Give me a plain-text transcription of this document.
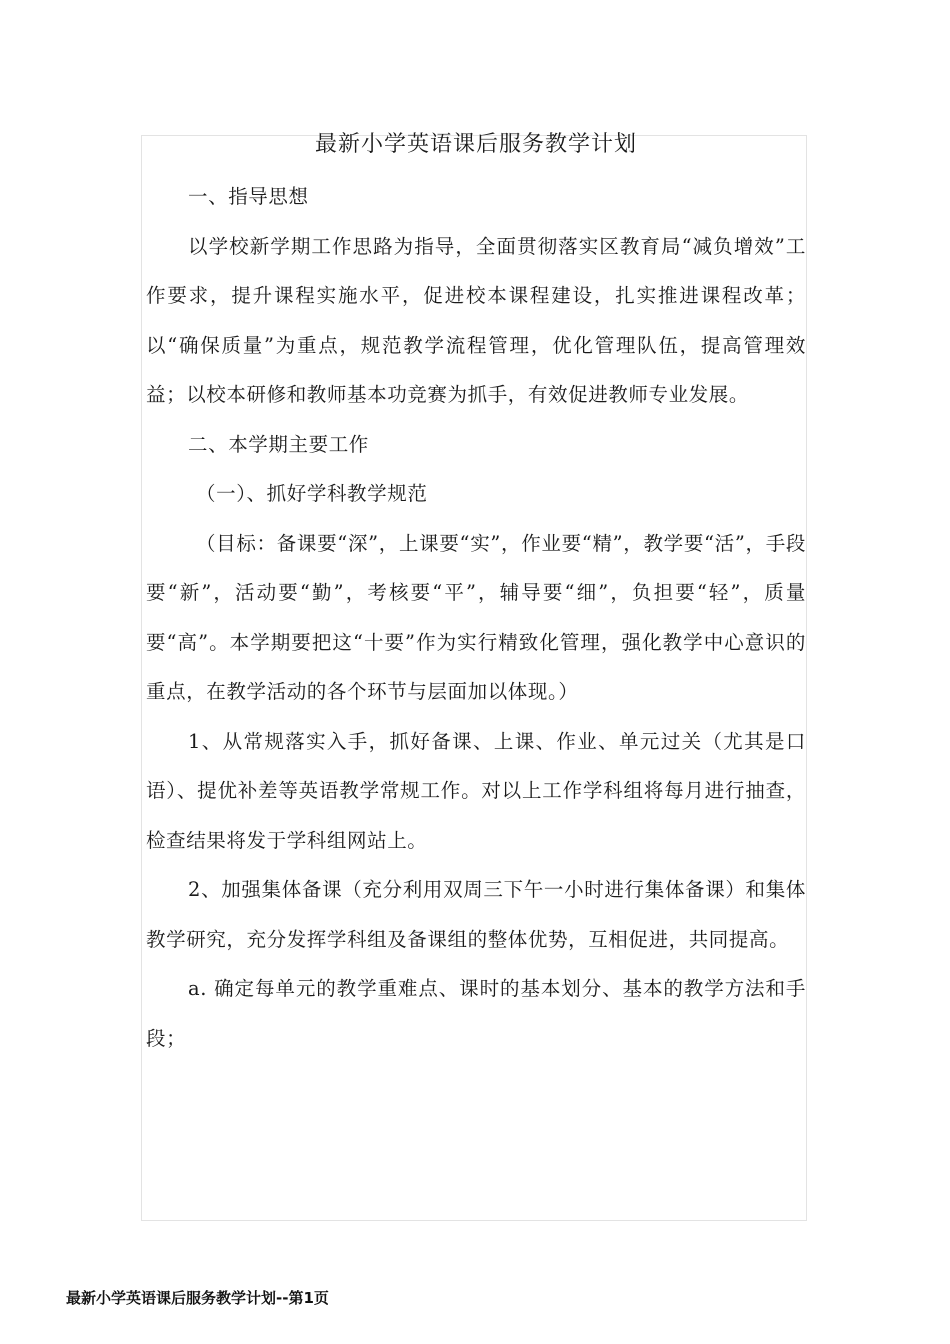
最新小学英语课后服务教学计划

一、指导思想

以学校新学期工作思路为指导，全面贯彻落实区教育局“减负增效”工作要求，提升课程实施水平，促进校本课程建设，扎实推进课程改革；以“确保质量”为重点，规范教学流程管理，优化管理队伍，提高管理效益；以校本研修和教师基本功竞赛为抓手，有效促进教师专业发展。

二、本学期主要工作

（一）、抓好学科教学规范

（目标：备课要“深”，上课要“实”，作业要“精”，教学要“活”，手段要“新”，活动要“勤”，考核要“平”，辅导要“细”，负担要“轻”，质量要“高”。本学期要把这“十要”作为实行精致化管理，强化教学中心意识的重点，在教学活动的各个环节与层面加以体现。）

1、从常规落实入手，抓好备课、上课、作业、单元过关（尤其是口语）、提优补差等英语教学常规工作。对以上工作学科组将每月进行抽查，检查结果将发于学科组网站上。

2、加强集体备课（充分利用双周三下午一小时进行集体备课）和集体教学研究，充分发挥学科组及备课组的整体优势，互相促进，共同提高。

a. 确定每单元的教学重难点、课时的基本划分、基本的教学方法和手段；

最新小学英语课后服务教学计划--第1页
